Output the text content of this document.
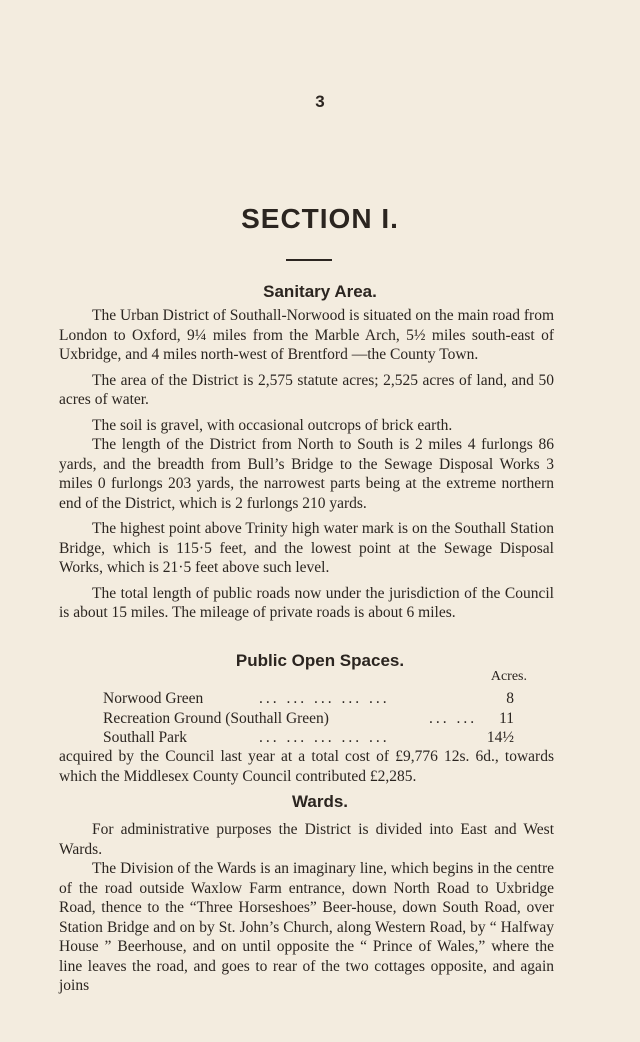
3
SECTION I.
Sanitary Area.

The Urban District of Southall-Norwood is situated on the main road from London to Oxford, 9¼ miles from the Marble Arch, 5½ miles south-east of Uxbridge, and 4 miles north-west of Brentford —the County Town.

The area of the District is 2,575 statute acres; 2,525 acres of land, and 50 acres of water.

The soil is gravel, with occasional outcrops of brick earth.

The length of the District from North to South is 2 miles 4 furlongs 86 yards, and the breadth from Bull’s Bridge to the Sewage Disposal Works 3 miles 0 furlongs 203 yards, the narrowest parts being at the extreme northern end of the District, which is 2 furlongs 210 yards.

The highest point above Trinity high water mark is on the Southall Station Bridge, which is 115·5 feet, and the lowest point at the Sewage Disposal Works, which is 21·5 feet above such level.

The total length of public roads now under the jurisdiction of the Council is about 15 miles. The mileage of private roads is about 6 miles.

Public Open Spaces.
Acres.
Norwood Green	... ... ... ... ...	8
Recreation Ground (Southall Green)	... ...	11
Southall Park	... ... ... ... ...	14½
acquired by the Council last year at a total cost of £9,776 12s. 6d., towards which the Middlesex County Council contributed £2,285.
Wards.

For administrative purposes the District is divided into East and West Wards.

The Division of the Wards is an imaginary line, which begins in the centre of the road outside Waxlow Farm entrance, down North Road to Uxbridge Road, thence to the “Three Horseshoes” Beer-house, down South Road, over Station Bridge and on by St. John’s Church, along Western Road, by “ Halfway House ” Beerhouse, and on until opposite the “ Prince of Wales,” where the line leaves the road, and goes to rear of the two cottages opposite, and again joins
